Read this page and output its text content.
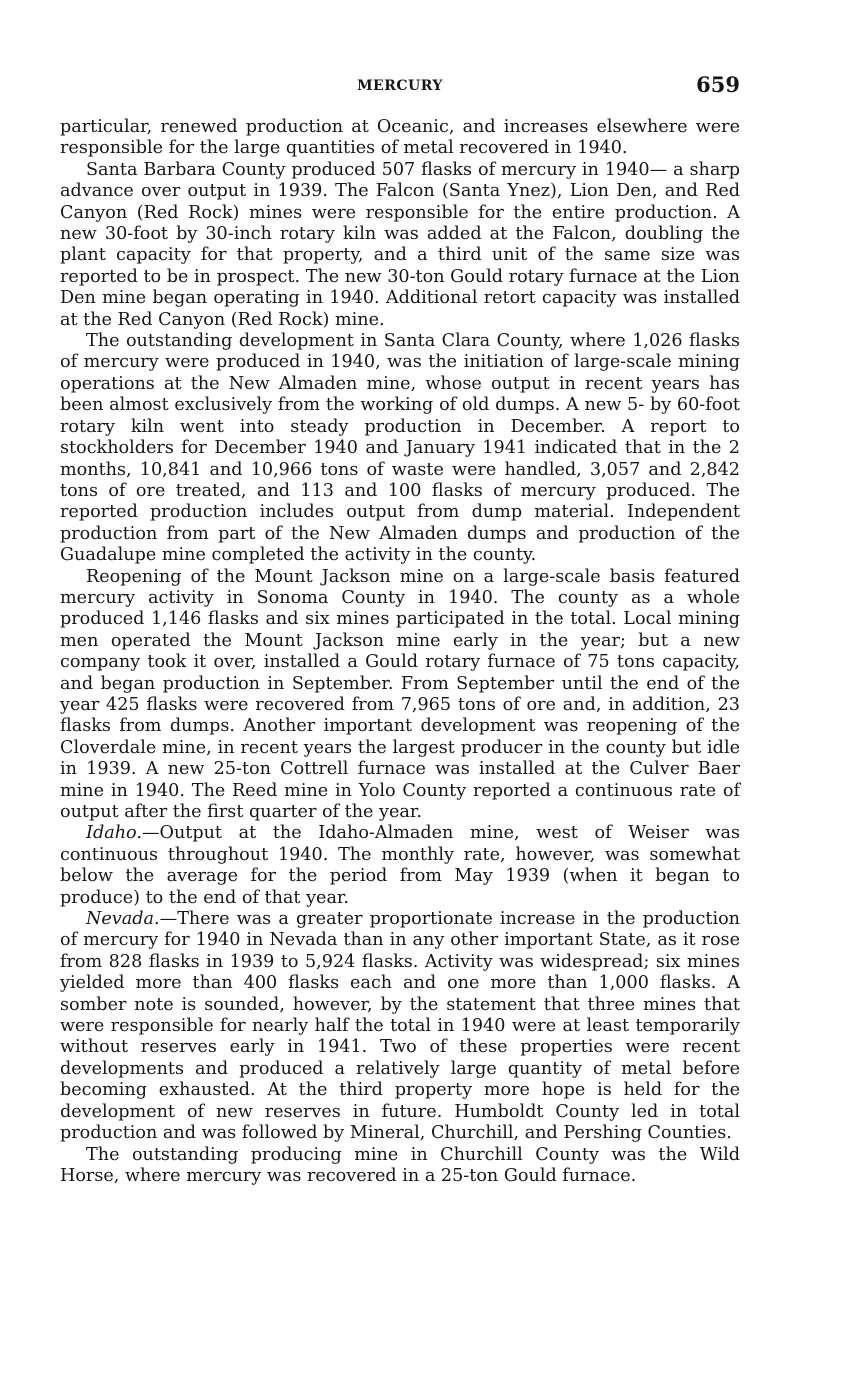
MERCURY	659

particular, renewed production at Oceanic, and increases elsewhere were responsible for the large quantities of metal recovered in 1940.

Santa Barbara County produced 507 flasks of mercury in 1940— a sharp advance over output in 1939. The Falcon (Santa Ynez), Lion Den, and Red Canyon (Red Rock) mines were responsible for the entire production. A new 30-foot by 30-inch rotary kiln was added at the Falcon, doubling the plant capacity for that property, and a third unit of the same size was reported to be in prospect. The new 30-ton Gould rotary furnace at the Lion Den mine began operating in 1940. Additional retort capacity was installed at the Red Canyon (Red Rock) mine.

The outstanding development in Santa Clara County, where 1,026 flasks of mercury were produced in 1940, was the initiation of large-scale mining operations at the New Almaden mine, whose output in recent years has been almost exclusively from the working of old dumps. A new 5- by 60-foot rotary kiln went into steady production in December. A report to stockholders for December 1940 and January 1941 indicated that in the 2 months, 10,841 and 10,966 tons of waste were handled, 3,057 and 2,842 tons of ore treated, and 113 and 100 flasks of mercury produced. The reported production includes output from dump material. Independent production from part of the New Almaden dumps and production of the Guadalupe mine completed the activity in the county.

Reopening of the Mount Jackson mine on a large-scale basis featured mercury activity in Sonoma County in 1940. The county as a whole produced 1,146 flasks and six mines participated in the total. Local mining men operated the Mount Jackson mine early in the year; but a new company took it over, installed a Gould rotary furnace of 75 tons capacity, and began production in September. From September until the end of the year 425 flasks were recovered from 7,965 tons of ore and, in addition, 23 flasks from dumps. Another important development was reopening of the Cloverdale mine, in recent years the largest producer in the county but idle in 1939. A new 25-ton Cottrell furnace was installed at the Culver Baer mine in 1940. The Reed mine in Yolo County reported a continuous rate of output after the first quarter of the year.

Idaho.—Output at the Idaho-Almaden mine, west of Weiser was continuous throughout 1940. The monthly rate, however, was somewhat below the average for the period from May 1939 (when it began to produce) to the end of that year.

Nevada.—There was a greater proportionate increase in the production of mercury for 1940 in Nevada than in any other important State, as it rose from 828 flasks in 1939 to 5,924 flasks. Activity was widespread; six mines yielded more than 400 flasks each and one more than 1,000 flasks. A somber note is sounded, however, by the statement that three mines that were responsible for nearly half the total in 1940 were at least temporarily without reserves early in 1941. Two of these properties were recent developments and produced a relatively large quantity of metal before becoming exhausted. At the third property more hope is held for the development of new reserves in future. Humboldt County led in total production and was followed by Mineral, Churchill, and Pershing Counties.

The outstanding producing mine in Churchill County was the Wild Horse, where mercury was recovered in a 25-ton Gould furnace.
